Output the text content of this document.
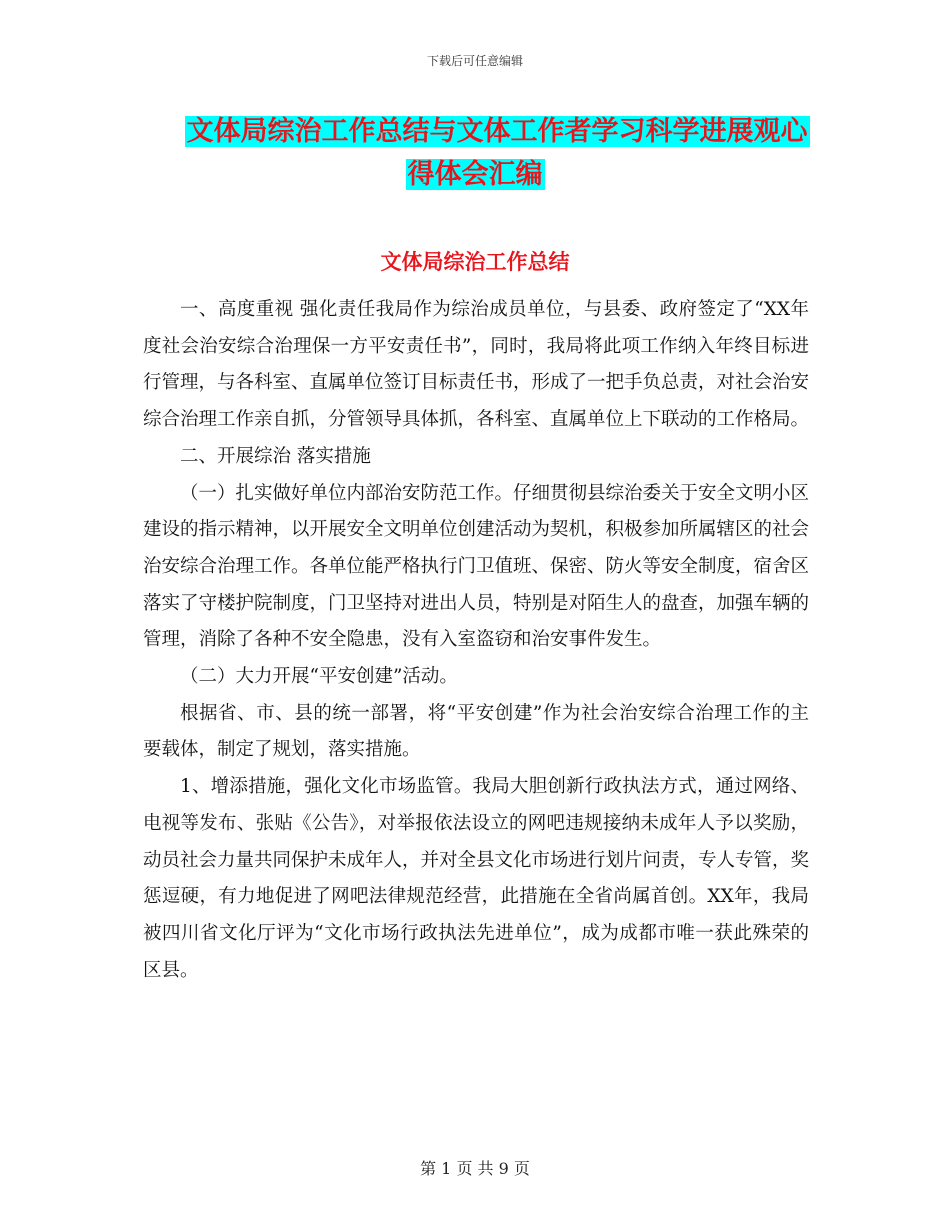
下载后可任意编辑
文体局综治工作总结与文体工作者学习科学进展观心
得体会汇编
文体局综治工作总结

一、高度重视 强化责任我局作为综治成员单位，与县委、政府签定了“XX年度社会治安综合治理保一方平安责任书”，同时，我局将此项工作纳入年终目标进行管理，与各科室、直属单位签订目标责任书，形成了一把手负总责，对社会治安综合治理工作亲自抓，分管领导具体抓，各科室、直属单位上下联动的工作格局。

二、开展综治 落实措施

（一）扎实做好单位内部治安防范工作。仔细贯彻县综治委关于安全文明小区建设的指示精神，以开展安全文明单位创建活动为契机，积极参加所属辖区的社会治安综合治理工作。各单位能严格执行门卫值班、保密、防火等安全制度，宿舍区落实了守楼护院制度，门卫坚持对进出人员，特别是对陌生人的盘查，加强车辆的管理，消除了各种不安全隐患，没有入室盗窃和治安事件发生。

（二）大力开展“平安创建”活动。

根据省、市、县的统一部署，将“平安创建”作为社会治安综合治理工作的主要载体，制定了规划，落实措施。

1、增添措施，强化文化市场监管。我局大胆创新行政执法方式，通过网络、电视等发布、张贴《公告》，对举报依法设立的网吧违规接纳未成年人予以奖励，动员社会力量共同保护未成年人，并对全县文化市场进行划片问责，专人专管，奖惩逗硬，有力地促进了网吧法律规范经营，此措施在全省尚属首创。XX年，我局被四川省文化厅评为“文化市场行政执法先进单位”，成为成都市唯一获此殊荣的区县。

第 1 页 共 9 页
